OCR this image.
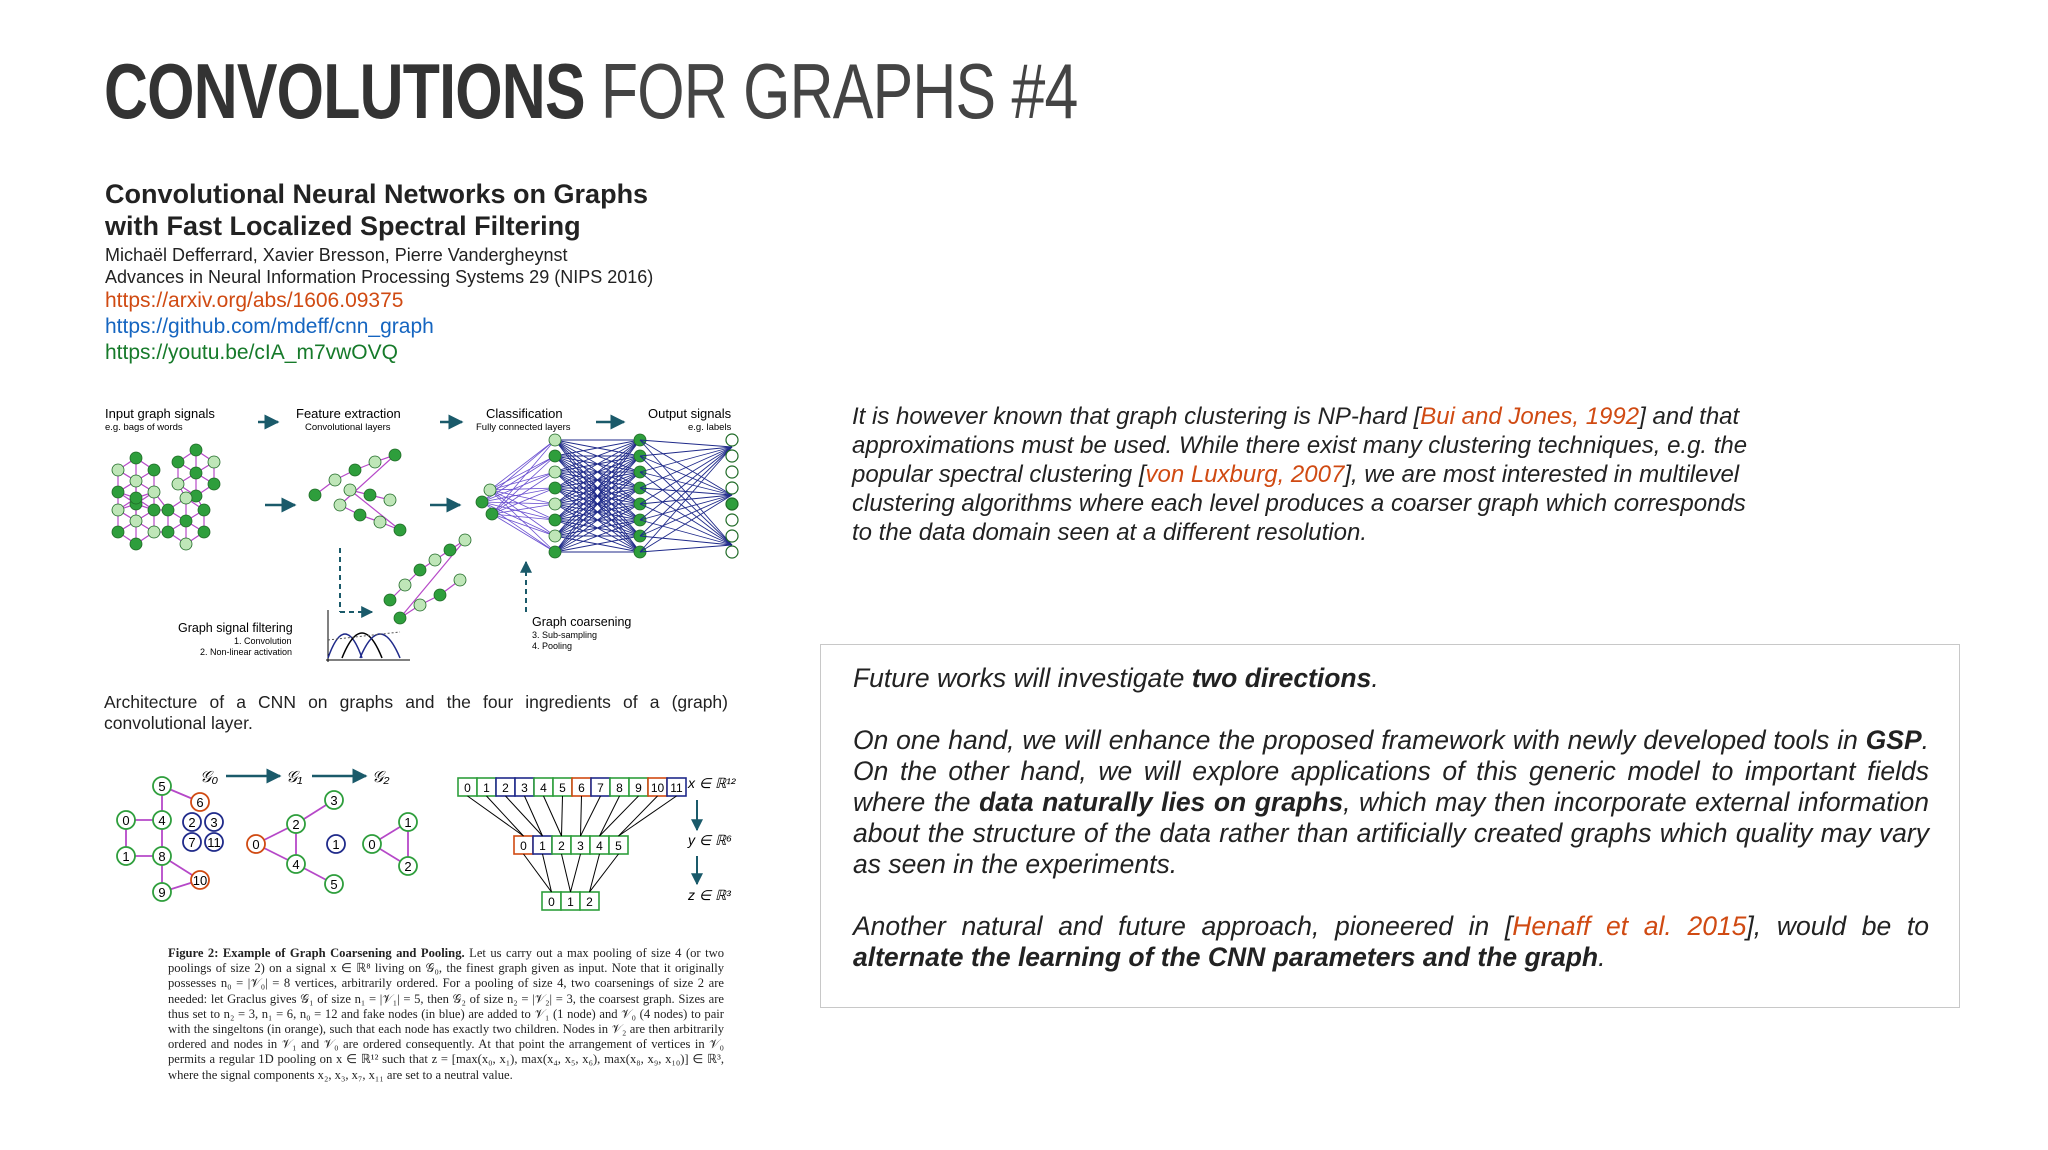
CONVOLUTIONS FOR GRAPHS #4
Convolutional Neural Networks on Graphs
with Fast Localized Spectral Filtering
Michaël Defferrard, Xavier Bresson, Pierre Vandergheynst
Advances in Neural Information Processing Systems 29 (NIPS 2016)
https://arxiv.org/abs/1606.09375
https://github.com/mdeff/cnn_graph
https://youtu.be/cIA_m7vwOVQ
Input graph signals
e.g. bags of words
Feature extraction
Convolutional layers
Classification
Fully connected layers
Output signals
e.g. labels
Graph signal filtering
1. Convolution
2. Non-linear activation
Graph coarsening
3. Sub-sampling
4. Pooling
Architecture of a CNN on graphs and the four ingredients of a (graph) convolutional layer.
𝒢₀	𝒢₁	𝒢₂
5
6
0 4
1 8
10
9
2 3
7 11
3
2
0
4
5
1
1
0
2
0 1 2 3 4 5 6 7 8 9 10 11
0 1 2 3 4 5
0 1 2
x ∈ ℝ¹²
y ∈ ℝ⁶
z ∈ ℝ³
Figure 2: Example of Graph Coarsening and Pooling. Let us carry out a max pooling of size 4 (or two poolings of size 2) on a signal x ∈ ℝ⁸ living on 𝒢₀, the finest graph given as input. Note that it originally possesses n₀ = |𝒱₀| = 8 vertices, arbitrarily ordered. For a pooling of size 4, two coarsenings of size 2 are needed: let Graclus gives 𝒢₁ of size n₁ = |𝒱₁| = 5, then 𝒢₂ of size n₂ = |𝒱₂| = 3, the coarsest graph. Sizes are thus set to n₂ = 3, n₁ = 6, n₀ = 12 and fake nodes (in blue) are added to 𝒱₁ (1 node) and 𝒱₀ (4 nodes) to pair with the singeltons (in orange), such that each node has exactly two children. Nodes in 𝒱₂ are then arbitrarily ordered and nodes in 𝒱₁ and 𝒱₀ are ordered consequently. At that point the arrangement of vertices in 𝒱₀ permits a regular 1D pooling on x ∈ ℝ¹² such that z = [max(x₀, x₁), max(x₄, x₅, x₆), max(x₈, x₉, x₁₀)] ∈ ℝ³, where the signal components x₂, x₃, x₇, x₁₁ are set to a neutral value.
It is however known that graph clustering is NP-hard [Bui and Jones, 1992] and that approximations must be used. While there exist many clustering techniques, e.g. the popular spectral clustering [von Luxburg, 2007], we are most interested in multilevel clustering algorithms where each level produces a coarser graph which corresponds to the data domain seen at a different resolution.

Future works will investigate two directions.

On one hand, we will enhance the proposed framework with newly developed tools in GSP. On the other hand, we will explore applications of this generic model to important fields where the data naturally lies on graphs, which may then incorporate external information about the structure of the data rather than artificially created graphs which quality may vary as seen in the experiments.

Another natural and future approach, pioneered in [Henaff et al. 2015], would be to alternate the learning of the CNN parameters and the graph.
